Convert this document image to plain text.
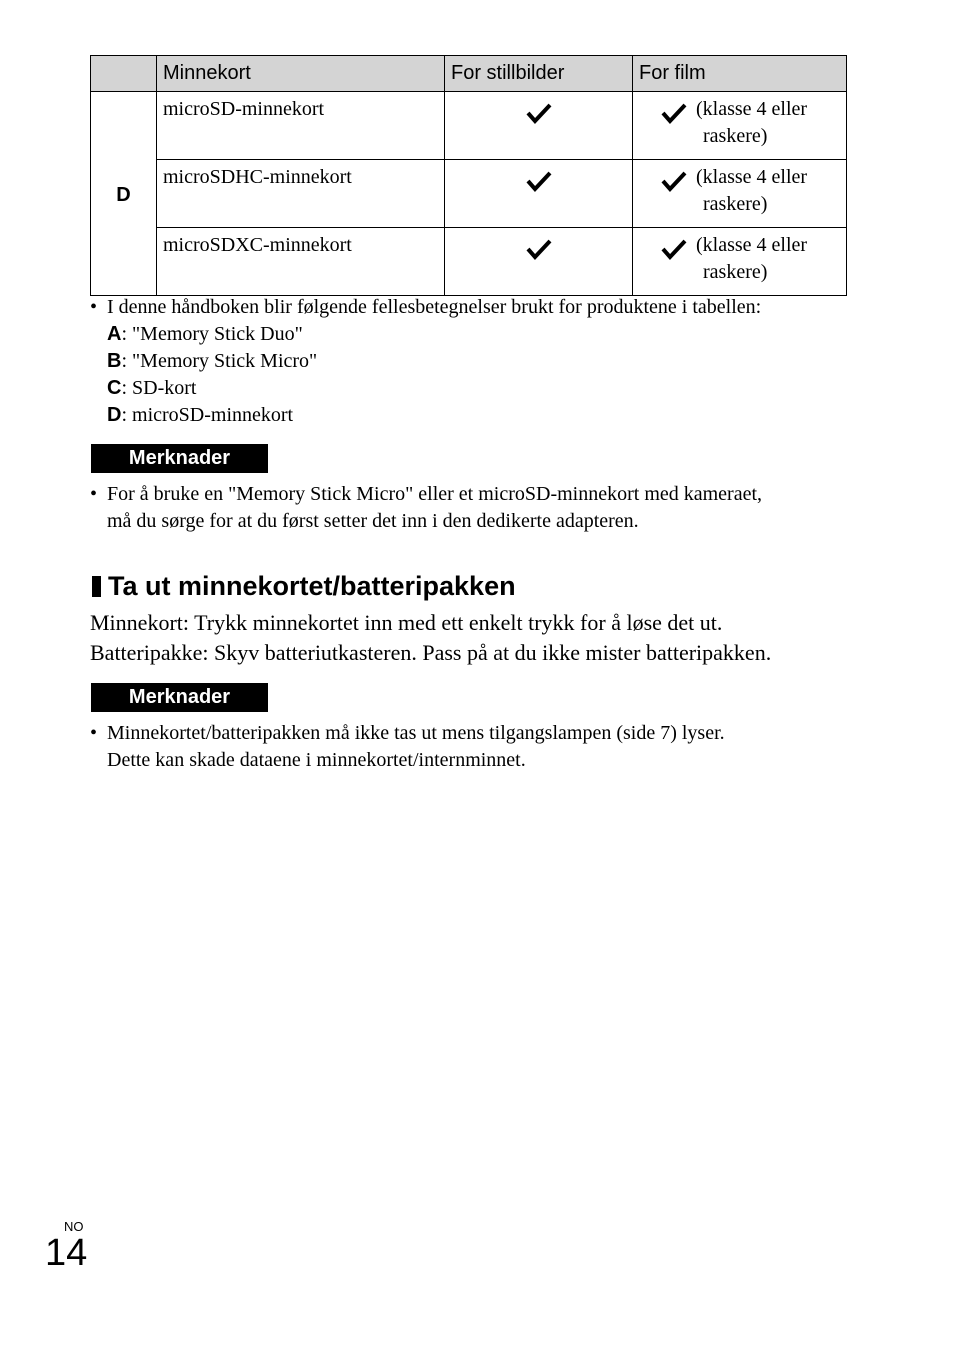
	Minnekort	For stillbilder	For film
D	microSD-minnekort		(klasse 4 eller
raskere)

	microSDHC-minnekort		(klasse 4 eller
raskere)

	microSDXC-minnekort		(klasse 4 eller
raskere)
• I denne håndboken blir følgende fellesbetegnelser brukt for produktene i tabellen:
A: "Memory Stick Duo"
B: "Memory Stick Micro"
C: SD-kort
D: microSD-minnekort
Merknader
• For å bruke en "Memory Stick Micro" eller et microSD-minnekort med kameraet,
må du sørge for at du først setter det inn i den dedikerte adapteren.
Ta ut minnekortet/batteripakken
Minnekort: Trykk minnekortet inn med ett enkelt trykk for å løse det ut.
Batteripakke: Skyv batteriutkasteren. Pass på at du ikke mister batteripakken.
Merknader
• Minnekortet/batteripakken må ikke tas ut mens tilgangslampen (side 7) lyser.
Dette kan skade dataene i minnekortet/internminnet.
NO
14
